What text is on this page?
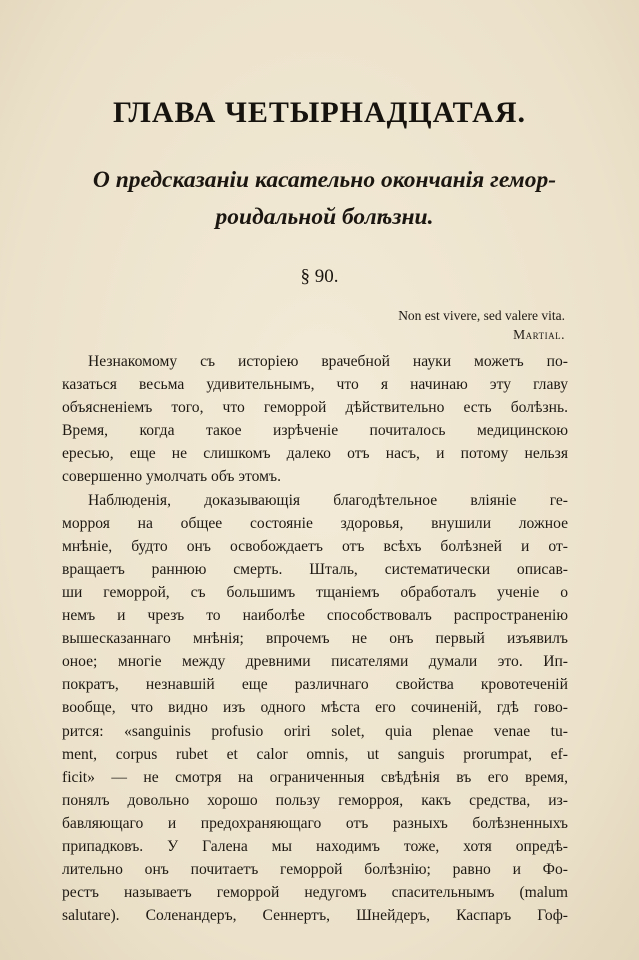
ГЛАВА ЧЕТЫРНАДЦАТАЯ.
О предсказанiи касательно окончанiя гемор-
роидальной болѣзни.
§ 90.
Non est vivere, sed valere vita.
Martial.
Незнакомому съ исторiею врачебной науки можетъ по-
казаться весьма удивительнымъ, что я начинаю эту главу
объясненiемъ того, что геморрой дѣйствительно есть болѣзнь.
Время, когда такое изрѣченiе почиталось медицинскою
ересью, еще не слишкомъ далеко отъ насъ, и потому нельзя
совершенно умолчать объ этомъ.
Наблюденiя, доказывающiя благодѣтельное влiянiе ге-
морроя на общее состоянiе здоровья, внушили ложное
мнѣнiе, будто онъ освобождаетъ отъ всѣхъ болѣзней и от-
вращаетъ раннюю смерть. Шталь, систематически описав-
ши геморрой, съ большимъ тщанiемъ обработалъ ученiе о
немъ и чрезъ то наиболѣе способствовалъ распространенiю
вышесказаннаго мнѣнiя; впрочемъ не онъ первый изъявилъ
оное; многiе между древними писателями думали это. Ип-
пократъ, незнавшiй еще различнаго свойства кровотеченiй
вообще, что видно изъ одного мѣста его сочиненiй, гдѣ гово-
рится: «sanguinis profusio oriri solet, quia plenae venae tu-
ment, corpus rubet et calor omnis, ut sanguis prorumpat, ef-
ficit» — не смотря на ограниченныя свѣдѣнiя въ его время,
понялъ довольно хорошо пользу геморроя, какъ средства, из-
бавляющаго и предохраняющаго отъ разныхъ болѣзненныхъ
припадковъ. У Галена мы находимъ тоже, хотя опредѣ-
лительно онъ почитаетъ геморрой болѣзнiю; равно и Фо-
рестъ называетъ геморрой недугомъ спасительнымъ (malum
salutare). Соленандеръ, Сеннертъ, Шнейдеръ, Каспаръ Гоф-
